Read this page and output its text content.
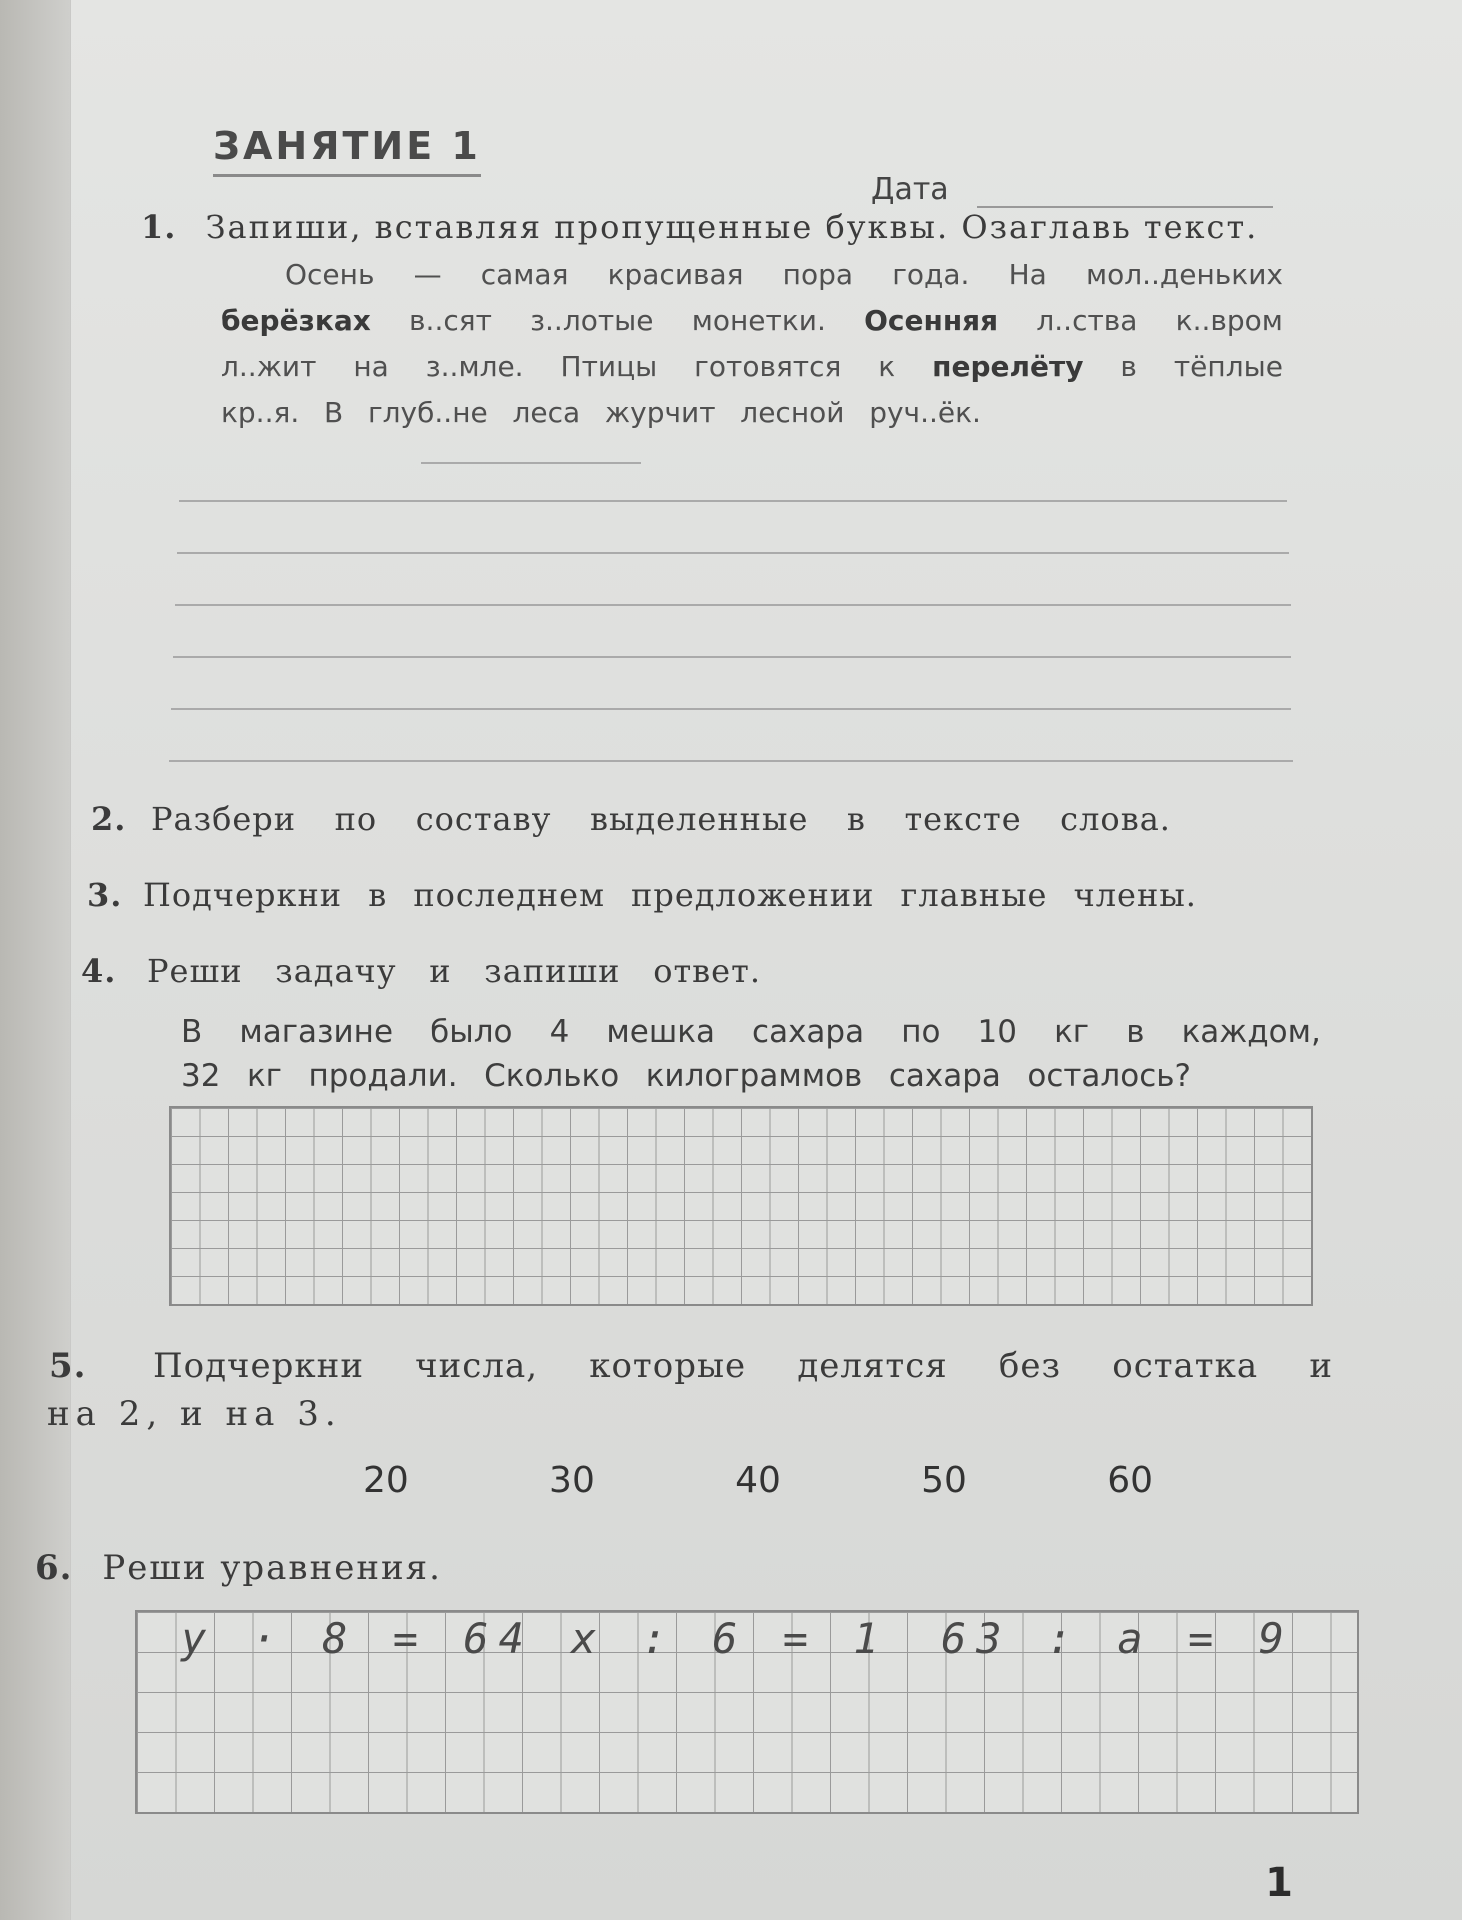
ЗАНЯТИЕ 1
Дата
1. Запиши, вставляя пропущенные буквы. Озаглавь текст.
Осень — самая красивая пора года. На мол..деньких
берёзках в..сят з..лотые монетки. Осенняя л..ства к..вром
л..жит на з..мле. Птицы готовятся к перелёту в тёплые
кр..я. В глуб..не леса журчит лесной руч..ёк.
2. Разбери по составу выделенные в тексте слова.
3. Подчеркни в последнем предложении главные члены.
4. Реши задачу и запиши ответ.
В магазине было 4 мешка сахара по 10 кг в каждом,
32 кг продали. Сколько килограммов сахара осталось?
5. Подчеркни числа, которые делятся без остатка и
на 2, и на 3.
20	30	40	50	60
6. Реши уравнения.
y · 8 = 64 x : 6 = 1 63 : a = 9
1
